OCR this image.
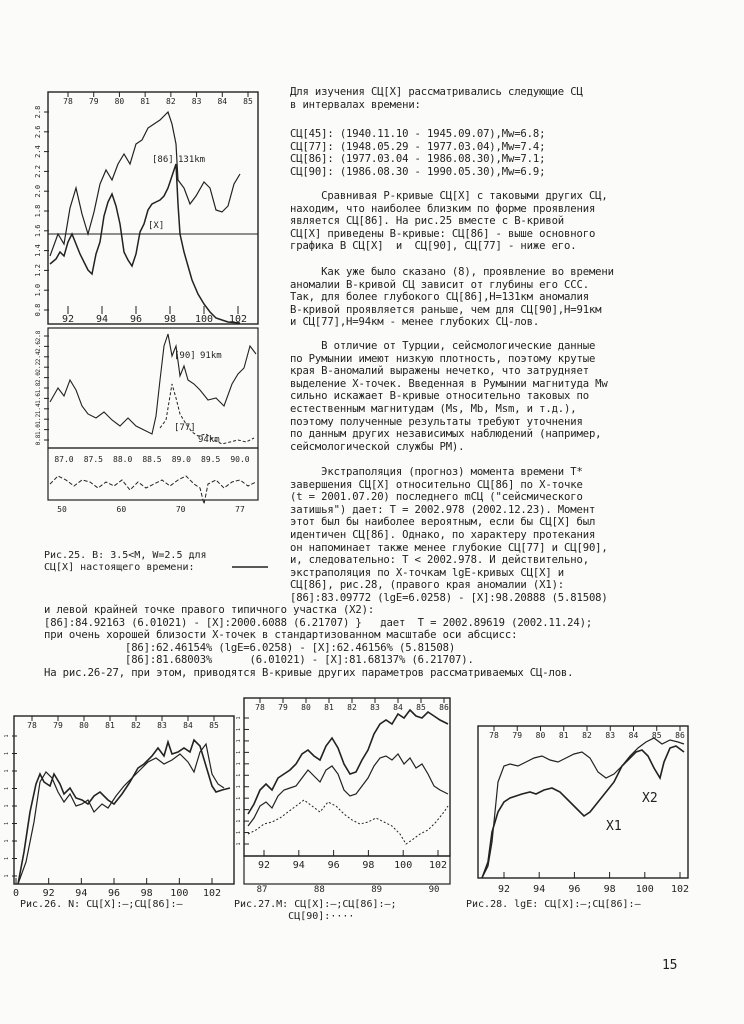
78 79 80 81 82 83 84 85
2.8
2.6
2.4
2.2
2.0
1.8
1.6
1.4
1.2
1.0
0.8
[86] 131km
[X]
92 94 96 98 100 102
2.8
2.6
2.4
2.2
2.0
1.8
1.6
1.4
1.2
1.0
0.8
[90] 91km
[77]
94km
87.0 87.5 88.0 88.5 89.0 89.5 90.0
50	60	70	77
Рис.25. В: 3.5<M, W=2.5 для
СЦ[Х] настоящего времени:
Для изучения СЦ[Х] рассматривались следующие СЦ
в интервалах времени:
СЦ[45]: (1940.11.10 - 1945.09.07),Mw=6.8;
СЦ[77]: (1948.05.29 - 1977.03.04),Mw=7.4;
СЦ[86]: (1977.03.04 - 1986.08.30),Mw=7.1;
СЦ[90]: (1986.08.30 - 1990.05.30),Mw=6.9;
Сравнивая Р-кривые СЦ[Х] с таковыми других СЦ,
находим, что наиболее близким по форме проявления
является СЦ[86]. На рис.25 вместе с В-кривой
СЦ[Х] приведены В-кривые: СЦ[86] - выше основного
графика В СЦ[Х]  и  СЦ[90], СЦ[77] - ниже его.
Как уже было сказано (8), проявление во времени
аномалии В-кривой СЦ зависит от глубины его ССС.
Так, для более глубокого СЦ[86],Н=131км аномалия
В-кривой проявляется раньше, чем для СЦ[90],Н=91км
и СЦ[77],Н=94км - менее глубоких СЦ-лов.
В отличие от Турции, сейсмологические данные
по Румынии имеют низкую плотность, поэтому крутые
края В-аномалий выражены нечетко, что затрудняет
выделение Х-точек. Введенная в Румынии магнитуда Mw
сильно искажает В-кривые относительно таковых по
естественным магнитудам (Ms, Mb, Msm, и т.д.),
поэтому полученные результаты требуют уточнения
по данным других независимых наблюдений (например,
сейсмологической службы РМ).
Экстраполяция (прогноз) момента времени Т*
завершения СЦ[Х] относительно СЦ[86] по Х-точке
(t = 2001.07.20) последнего mСЦ ("сейсмического
затишья") дает: Т = 2002.978 (2002.12.23). Момент
этот был бы наиболее вероятным, если бы СЦ[Х] был
идентичен СЦ[86]. Однако, по характеру протекания
он напоминает также менее глубокие СЦ[77] и СЦ[90],
и, следовательно: Т < 2002.978. И действительно,
экстраполяция по Х-точкам lgE-кривых СЦ[Х] и
СЦ[86], рис.28, (правого края аномалии (Х1):
[86]:83.09772 (lgE=6.0258) - [Х]:98.20888 (5.81508)
и левой крайней точке правого типичного участка (Х2):
[86]:84.92163 (6.01021) - [Х]:2000.6088 (6.21707) }   дает  Т = 2002.89619 (2002.11.24);
при очень хорошей близости Х-точек в стандартизованном масштабе оси абсцисс:
[86]:62.46154% (lgE=6.0258) - [Х]:62.46156% (5.81508)
[86]:81.68003%      (6.01021) - [Х]:81.68137% (6.21707).
На рис.26-27, при этом, приводятся В-кривые других параметров рассматриваемых СЦ-лов.
78 79 80 81 82 83 84 85
1
1
1
1
1
1
1
1
1
0 92 94 96 98 100 102
Рис.26. N: СЦ[Х]:—;СЦ[86]:—
78 79 80 81 82 83 84 85 86
1
1
1
1
1
1
1
1
1
1
1
1
92 94 96 98 100 102
87	88	89	90
Рис.27.M: СЦ[Х]:—;СЦ[86]:—;
СЦ[90]:····
78 79 80 81 82 83 84 85 86
X1
X2
92 94 96 98 100 102
Рис.28. lgE: СЦ[Х]:—;СЦ[86]:—
15
